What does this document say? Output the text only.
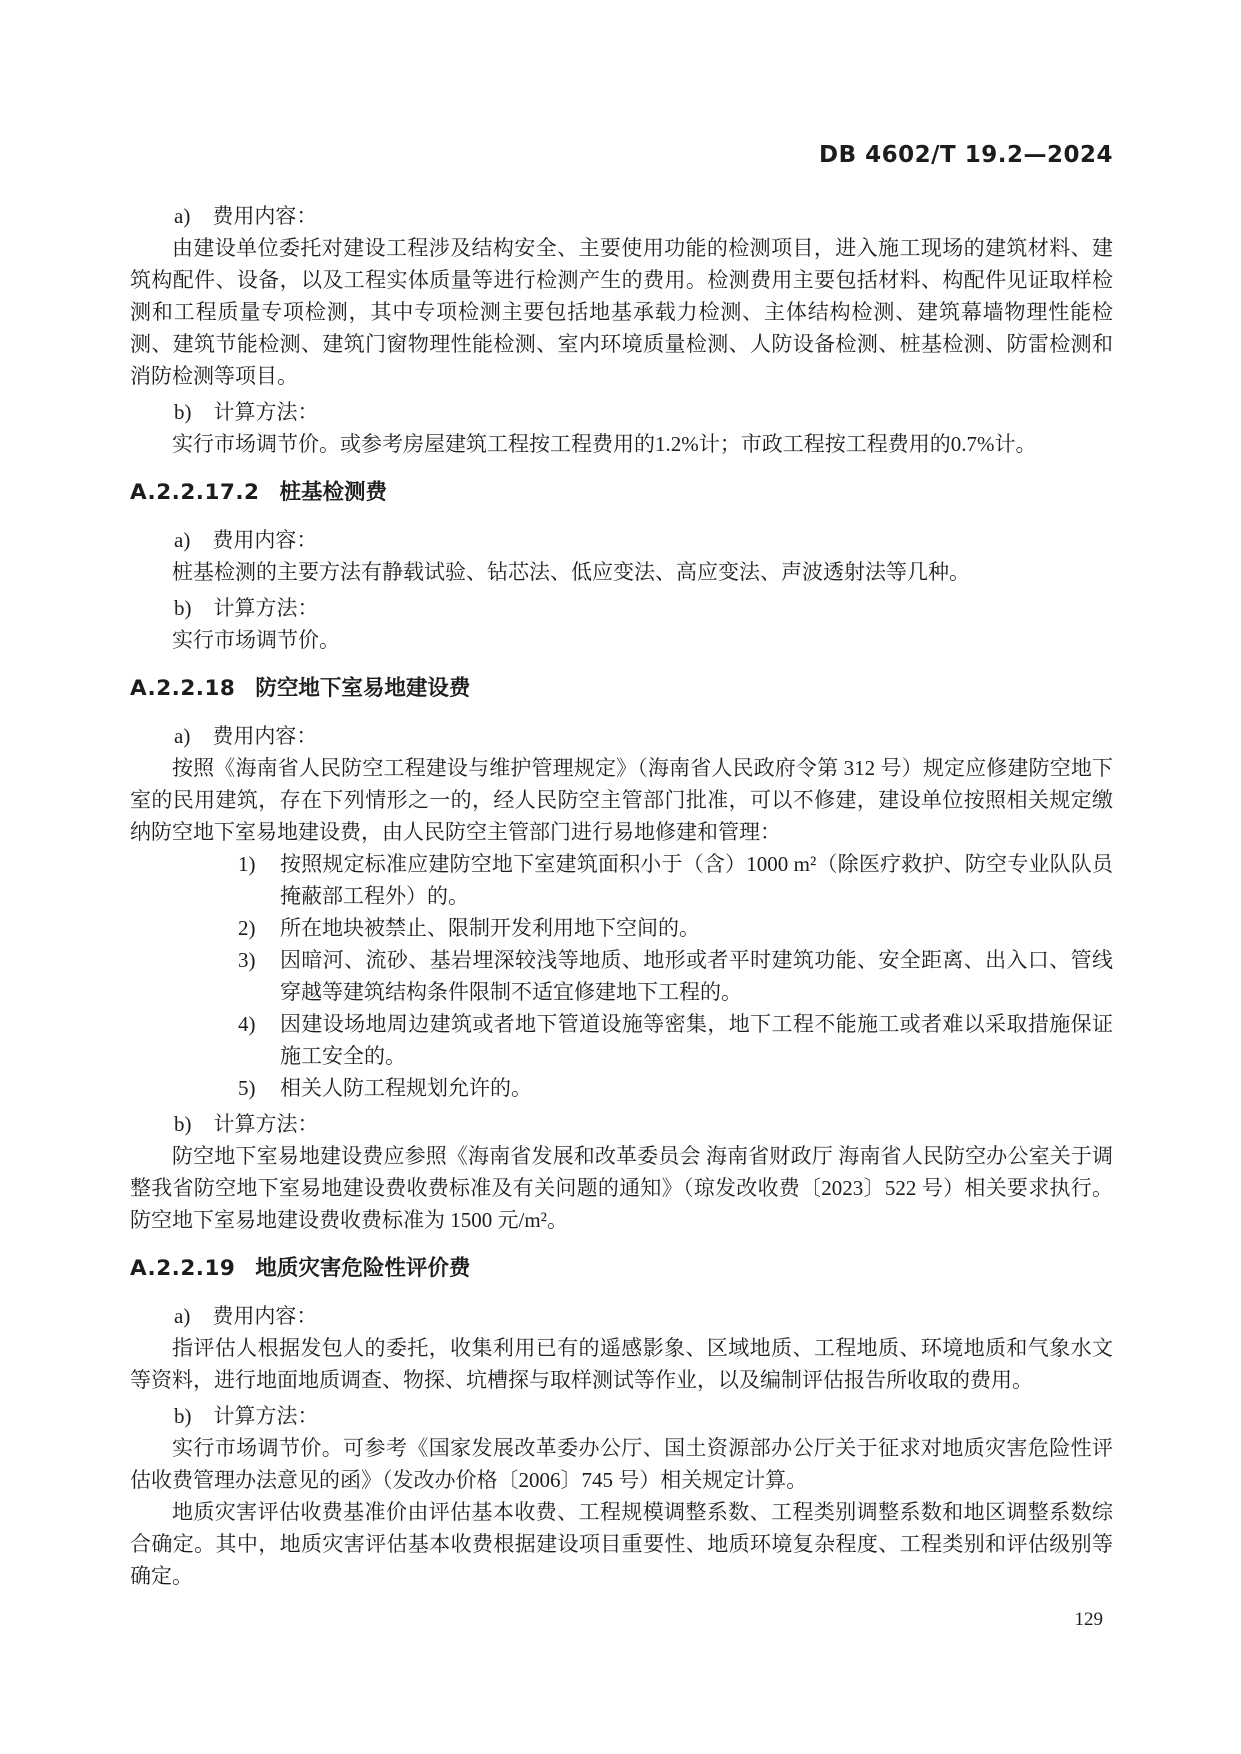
DB 4602/T 19.2—2024

a) 费用内容：

由建设单位委托对建设工程涉及结构安全、主要使用功能的检测项目，进入施工现场的建筑材料、建筑构配件、设备，以及工程实体质量等进行检测产生的费用。检测费用主要包括材料、构配件见证取样检测和工程质量专项检测，其中专项检测主要包括地基承载力检测、主体结构检测、建筑幕墙物理性能检测、建筑节能检测、建筑门窗物理性能检测、室内环境质量检测、人防设备检测、桩基检测、防雷检测和消防检测等项目。

b) 计算方法：

实行市场调节价。或参考房屋建筑工程按工程费用的1.2%计；市政工程按工程费用的0.7%计。

A.2.2.17.2 桩基检测费

a) 费用内容：

桩基检测的主要方法有静载试验、钻芯法、低应变法、高应变法、声波透射法等几种。

b) 计算方法：

实行市场调节价。

A.2.2.18 防空地下室易地建设费

a) 费用内容：

按照《海南省人民防空工程建设与维护管理规定》（海南省人民政府令第 312 号）规定应修建防空地下室的民用建筑，存在下列情形之一的，经人民防空主管部门批准，可以不修建，建设单位按照相关规定缴纳防空地下室易地建设费，由人民防空主管部门进行易地修建和管理：

1) 按照规定标准应建防空地下室建筑面积小于（含）1000 m²（除医疗救护、防空专业队队员掩蔽部工程外）的。
2) 所在地块被禁止、限制开发利用地下空间的。
3) 因暗河、流砂、基岩埋深较浅等地质、地形或者平时建筑功能、安全距离、出入口、管线穿越等建筑结构条件限制不适宜修建地下工程的。
4) 因建设场地周边建筑或者地下管道设施等密集，地下工程不能施工或者难以采取措施保证施工安全的。
5) 相关人防工程规划允许的。

b) 计算方法：

防空地下室易地建设费应参照《海南省发展和改革委员会 海南省财政厅 海南省人民防空办公室关于调整我省防空地下室易地建设费收费标准及有关问题的通知》（琼发改收费〔2023〕522 号）相关要求执行。防空地下室易地建设费收费标准为 1500 元/m²。

A.2.2.19 地质灾害危险性评价费

a) 费用内容：

指评估人根据发包人的委托，收集利用已有的遥感影象、区域地质、工程地质、环境地质和气象水文等资料，进行地面地质调查、物探、坑槽探与取样测试等作业，以及编制评估报告所收取的费用。

b) 计算方法：

实行市场调节价。可参考《国家发展改革委办公厅、国土资源部办公厅关于征求对地质灾害危险性评估收费管理办法意见的函》（发改办价格〔2006〕745 号）相关规定计算。

地质灾害评估收费基准价由评估基本收费、工程规模调整系数、工程类别调整系数和地区调整系数综合确定。其中，地质灾害评估基本收费根据建设项目重要性、地质环境复杂程度、工程类别和评估级别等确定。

129
